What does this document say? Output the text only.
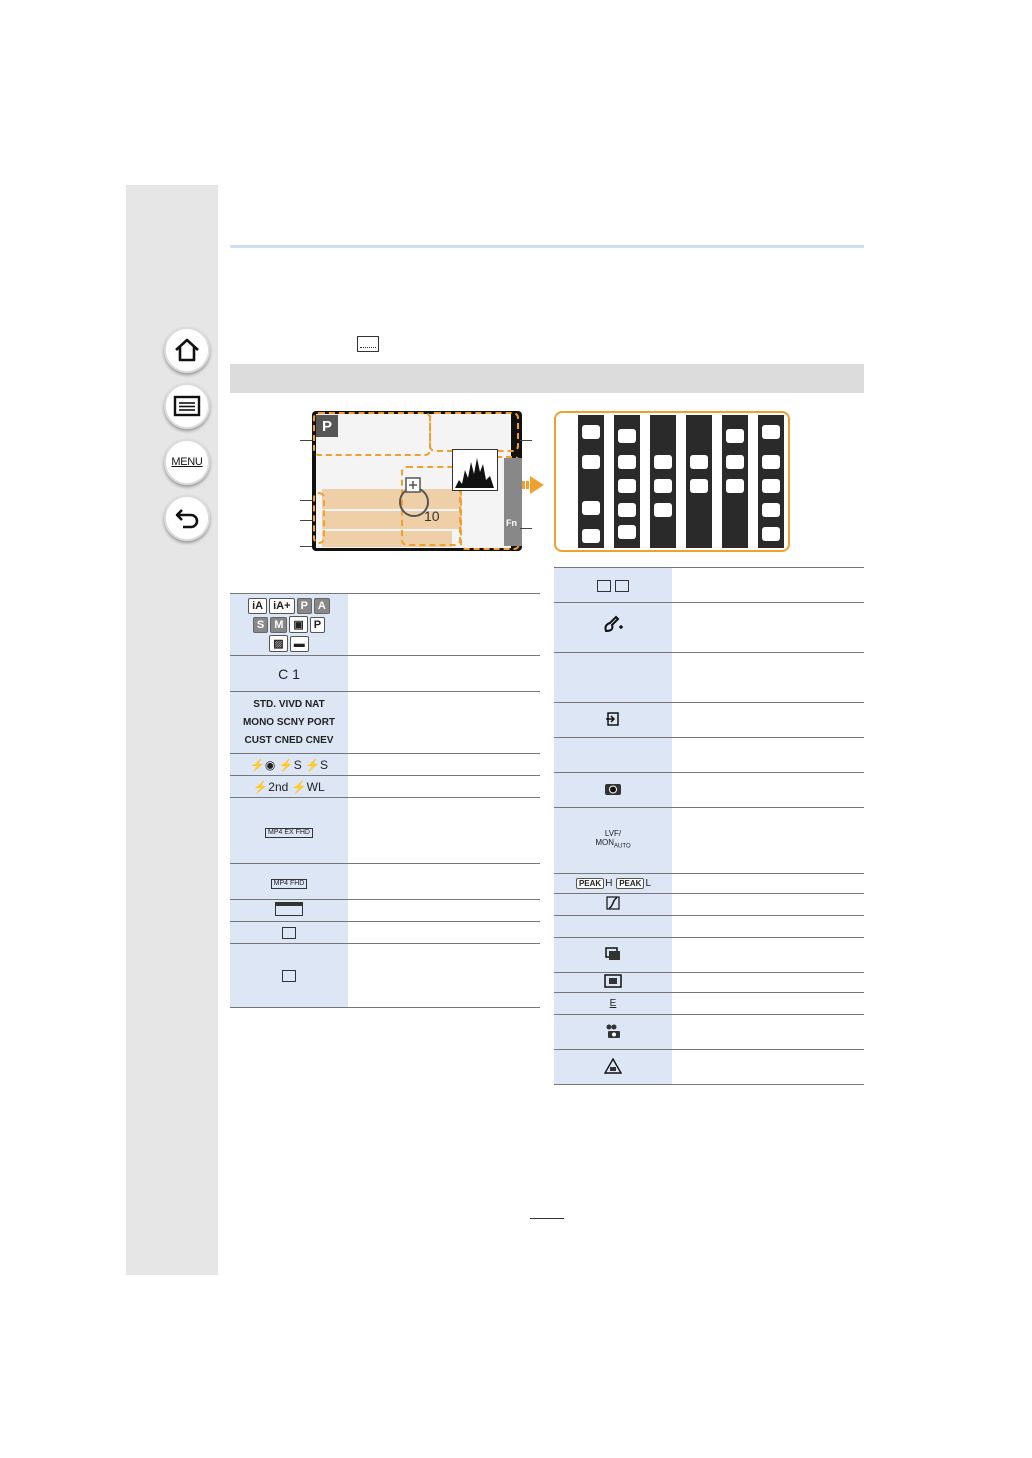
MENU
P
10	Fn
iA iA+ P A
S M ▣ P
▨ ▬	
C 1	
STD. VIVD NAT
MONO SCNY PORT
CUST CNED CNEV	
⚡◉ ⚡S ⚡S	
⚡2nd ⚡WL	
MP4 EX FHD	
MP4 FHD	

LVF/
$MON_{AUTO}$	
PEAK H PEAK L	

E	
